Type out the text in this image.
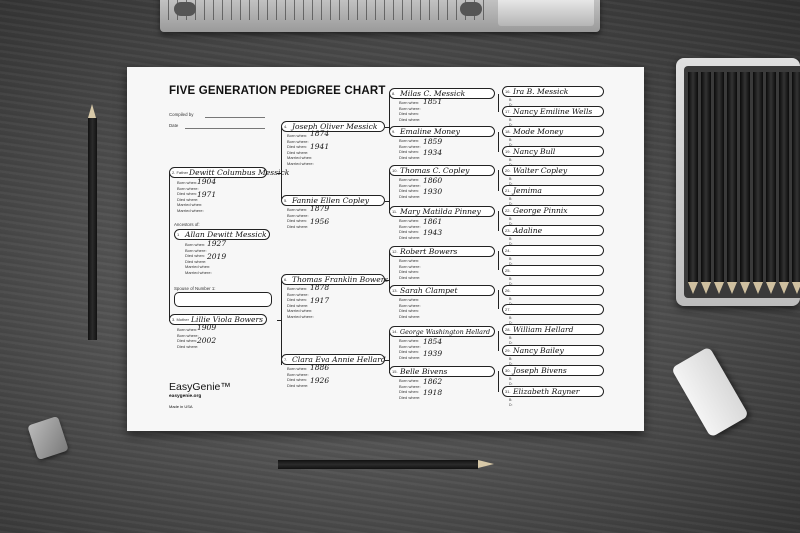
FIVE GENERATION PEDIGREE CHART
Compiled by
Date
Ancestors of:
Spouse of Number 1:
EasyGenie™
easygenie.org
Made in USA
1 Allan Dewitt Messick
Born when:
Born where:
Died when:
Died where:
Married when:
Married where:
1927
2019
2. Father Dewitt Columbus Messick
Born when:
Born where:
Died when:
Died where:
Married when:
Married where:
1904
1971
3. Mother Lillie Viola Bowers
Born when:
Born where:
Died when:
Died where:
1909
2002
4. Joseph Oliver Messick
Born when:
Born where:
Died when:
Died where:
Married when:
Married where:
1874
1941
5. Fannie Ellen Copley
Born when:
Born where:
Died when:
Died where:
1879
1956
6. Thomas Franklin Bowers
Born when:
Born where:
Died when:
Died where:
Married when:
Married where:
1878
1917
7. Clara Eva Annie Hellard
Born when:
Born where:
Died when:
Died where:
1886
1926
8. Milas C. Messick
Born when:
Born where:
Died when:
Died where:
1851
9. Emaline Money
Born when:
Born where:
Died when:
Died where:
1859
1934
10. Thomas C. Copley
Born when:
Born where:
Died when:
Died where:
1860
1930
11. Mary Matilda Pinney
Born when:
Born where:
Died when:
Died where:
1861
1943
12. Robert Bowers
Born when:
Born where:
Died when:
Died where:
13. Sarah Clampet
Born when:
Born where:
Died when:
Died where:
14. George Washington Hellard
Born when:
Born where:
Died when:
Died where:
1854
1939
15. Belle Bivens
Born when:
Born where:
Died when:
Died where:
1862
1918
16. Ira B. Messick
B:
D:
17. Nancy Emiline Wells
B:
D:
18. Mode Money
B:
D:
19. Nancy Bull
B:
20. Walter Copley
B:
D:
21. Jemima
B:
D:
22. George Pinnix
B:
D:
23. Adaline
B:
D:
24.
B:
D:
25.
B:
D:
26.
B:
27.
B:
D:
28. William Hellard
B:
D:
29. Nancy Bailey
B:
D:
30. Joseph Bivens
B:
D:
31. Elizabeth Rayner
B:
D:
